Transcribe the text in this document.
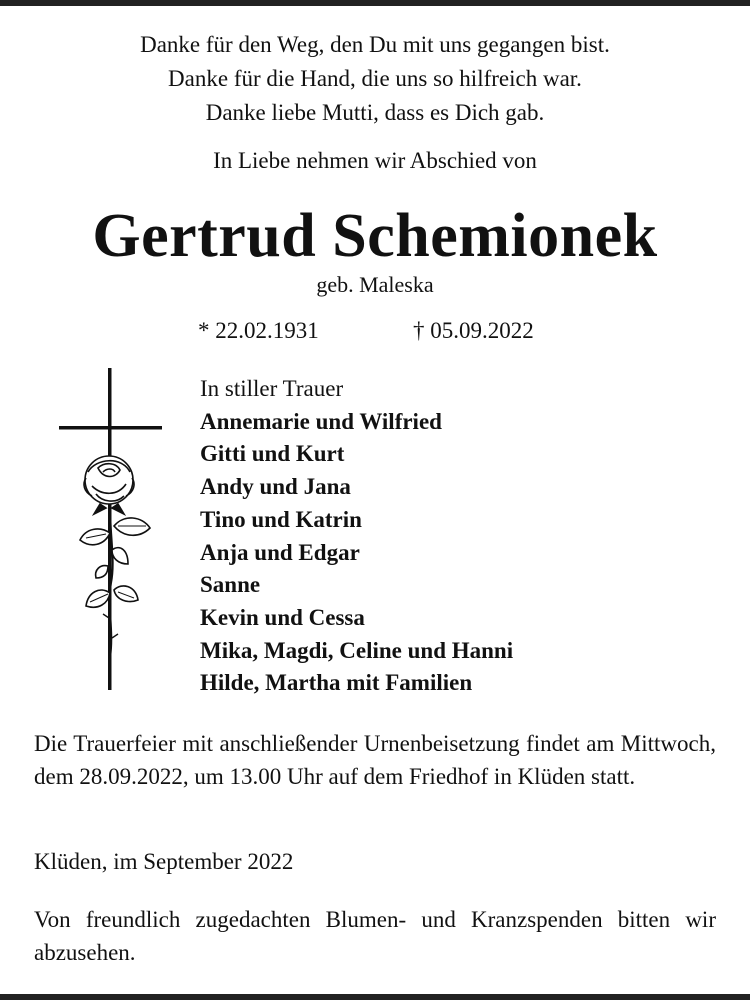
Danke für den Weg, den Du mit uns gegangen bist.
Danke für die Hand, die uns so hilfreich war.
Danke liebe Mutti, dass es Dich gab.
In Liebe nehmen wir Abschied von
Gertrud Schemionek
geb. Maleska
* 22.02.1931	† 05.09.2022
In stiller Trauer
Annemarie und Wilfried
Gitti und Kurt
Andy und Jana
Tino und Katrin
Anja und Edgar
Sanne
Kevin und Cessa
Mika, Magdi, Celine und Hanni
Hilde, Martha mit Familien
Die Trauerfeier mit anschließender Urnenbeisetzung findet am Mittwoch, dem 28.09.2022, um 13.00 Uhr auf dem Friedhof in Klüden statt.
Klüden, im September 2022
Von freundlich zugedachten Blumen- und Kranzspenden bitten wir abzusehen.
